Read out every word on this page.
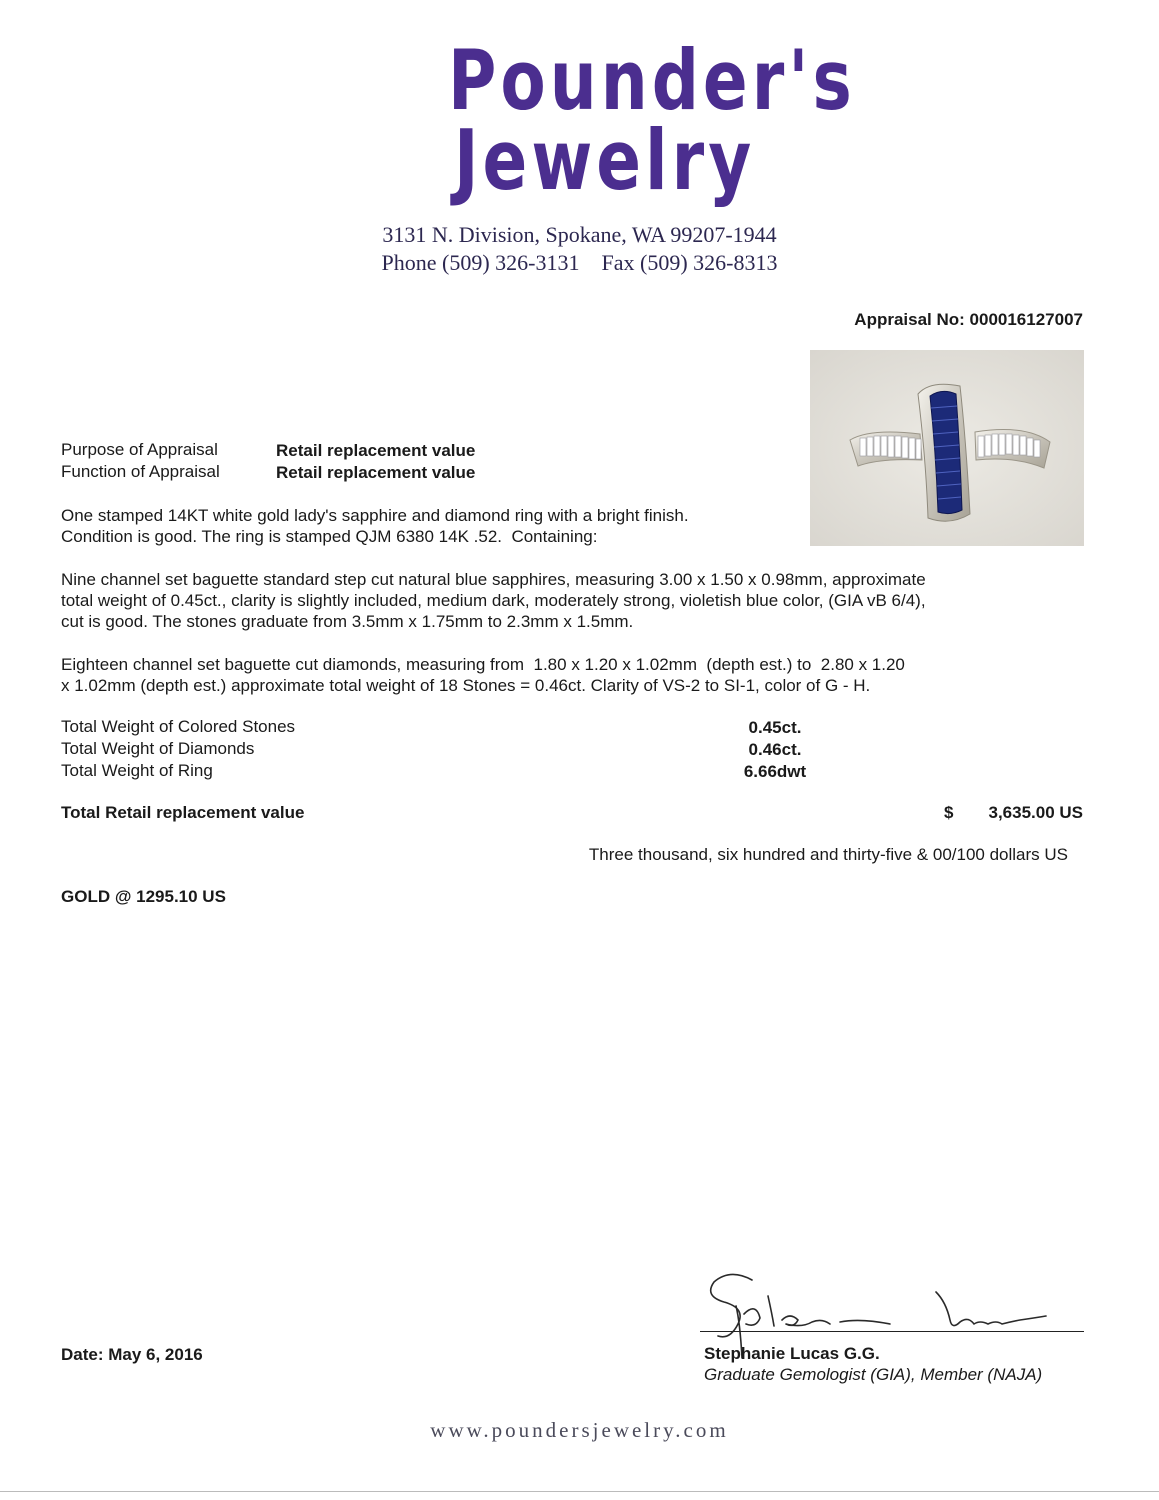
Pounder's
Jewelry
3131 N. Division, Spokane, WA 99207-1944
Phone (509) 326-3131 Fax (509) 326-8313
Appraisal No: 000016127007
Purpose of Appraisal	Retail replacement value
Function of Appraisal	Retail replacement value
One stamped 14KT white gold lady's sapphire and diamond ring with a bright finish.
Condition is good. The ring is stamped QJM 6380 14K .52.  Containing:
Nine channel set baguette standard step cut natural blue sapphires, measuring 3.00 x 1.50 x 0.98mm, approximate
total weight of 0.45ct., clarity is slightly included, medium dark, moderately strong, violetish blue color, (GIA vB 6/4),
cut is good. The stones graduate from 3.5mm x 1.75mm to 2.3mm x 1.5mm.
Eighteen channel set baguette cut diamonds, measuring from  1.80 x 1.20 x 1.02mm  (depth est.) to  2.80 x 1.20
x 1.02mm (depth est.) approximate total weight of 18 Stones = 0.46ct. Clarity of VS-2 to SI-1, color of G - H.
Total Weight of Colored Stones	0.45ct.
Total Weight of Diamonds	0.46ct.
Total Weight of Ring	6.66dwt
Total Retail replacement value	$ 3,635.00 US
Three thousand, six hundred and thirty-five & 00/100 dollars US
GOLD @ 1295.10 US
Date: May 6, 2016	Stephanie Lucas G.G.
Graduate Gemologist (GIA), Member (NAJA)
www.poundersjewelry.com
